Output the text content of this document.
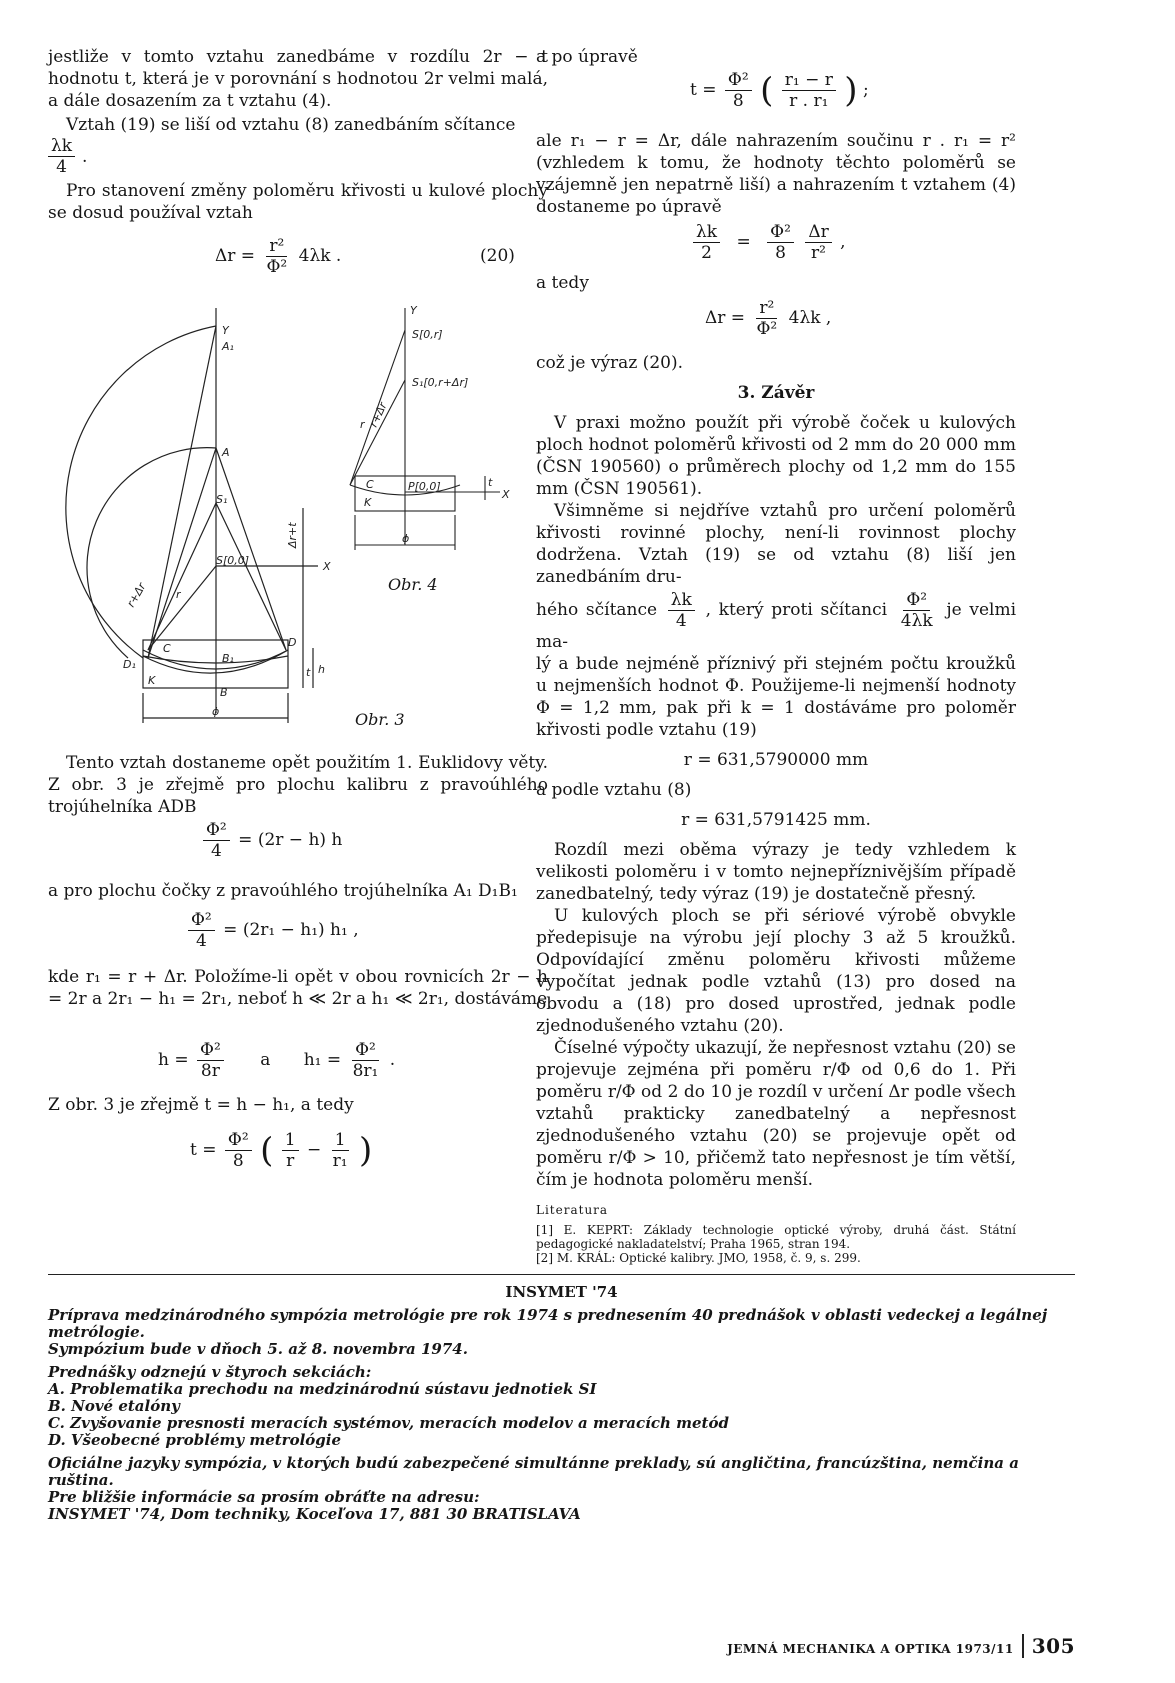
jestliže v tomto vztahu zanedbáme v rozdílu 2r − t hodnotu t, která je v porovnání s hodnotou 2r velmi malá, a dále dosazením za t vztahu (4).

Vztah (19) se liší od vztahu (8) zanedbáním sčítance

$\frac{\lambda k}{4}$ .

Pro stanovení změny poloměru křivosti u kulové plochy se dosud používal vztah

$\Delta r = \frac{\text{r²}}{\text{Φ²}} 4\lambda k$ .	(20)
Y
A₁
A
S₁
S[0,0]	X
r+Δr	r
Δr+t
C	D
D₁	B₁
K
B
t h
ϕ	Obr. 3
Y
S[0,r]
S₁[0,r+Δr]
r r+Δr
C
K
P[0,0]	t
X
ϕ
Obr. 4

Tento vztah dostaneme opět použitím 1. Euklidovy věty. Z obr. 3 je zřejmě pro plochu kalibru z pravoúhlého trojúhelníka ADB

$\frac{\text{Φ²}}{4} = (2r - h)$ h
a pro plochu čočky z pravoúhlého trojúhelníka A₁ D₁B₁
$\frac{\text{Φ²}}{4} = (2r_1 - h_1)$ h₁ ,
kde r₁ = r + Δr. Položíme-li opět v obou rovnicích 2r − h = 2r a 2r₁ − h₁ = 2r₁, neboť h ≪ 2r a h₁ ≪ 2r₁, dostáváme
$h = \frac{\text{Φ²}}{8r}$ a $h_1 = \frac{\text{Φ²}}{\text{8r₁}}$ .
Z obr. 3 je zřejmě t = h − h₁, a tedy
$t = \frac{\text{Φ²}}{8}$ ( $\frac{1}{r} - \frac{1}{\text{r₁}}$ )
a po úpravě
$t = \frac{\text{Φ²}}{8}$ ( $\frac{\text{r₁ − r}}{\text{r . r₁}}$ ) ;
ale r₁ − r = Δr, dále nahrazením součinu r . r₁ = r² (vzhledem k tomu, že hodnoty těchto poloměrů se vzájemně jen nepatrně liší) a nahrazením t vztahem (4) dostaneme po úpravě
$\frac{\lambda k}{2} = \frac{\text{Φ²}}{8}$
$\frac{\Delta r}{\text{r²}}$ ,
a tedy
$\Delta r = \frac{\text{r²}}{\text{Φ²}} 4\lambda k$ ,
což je výraz (20).
3. Závěr

V praxi možno použít při výrobě čoček u kulových ploch hodnot poloměrů křivosti od 2 mm do 20 000 mm (ČSN 190560) o průměrech plochy od 1,2 mm do 155 mm (ČSN 190561).

Všimněme si nejdříve vztahů pro určení poloměrů křivosti rovinné plochy, není-li rovinnost plochy dodržena. Vztah (19) se od vztahu (8) liší jen zanedbáním dru-

hého sčítance $\frac{\lambda k}{4}$ , který proti sčítanci $\frac{\text{Φ²}}{4\lambda k}$ je velmi ma-

lý a bude nejméně příznivý při stejném počtu kroužků u nejmenších hodnot Φ. Použijeme-li nejmenší hodnoty Φ = 1,2 mm, pak při k = 1 dostáváme pro poloměr křivosti podle vztahu (19)

r = 631,5790000 mm

a podle vztahu (8)

r = 631,5791425 mm.

Rozdíl mezi oběma výrazy je tedy vzhledem k velikosti poloměru i v tomto nejnepříznivějším případě zanedbatelný, tedy výraz (19) je dostatečně přesný.

U kulových ploch se při sériové výrobě obvykle předepisuje na výrobu její plochy 3 až 5 kroužků. Odpovídající změnu poloměru křivosti můžeme vypočítat jednak podle vztahů (13) pro dosed na obvodu a (18) pro dosed uprostřed, jednak podle zjednodušeného vztahu (20).

Číselné výpočty ukazují, že nepřesnost vztahu (20) se projevuje zejména při poměru r/Φ od 0,6 do 1. Při poměru r/Φ od 2 do 10 je rozdíl v určení Δr podle všech vztahů prakticky zanedbatelný a nepřesnost zjednodušeného vztahu (20) se projevuje opět od poměru r/Φ > 10, přičemž tato nepřesnost je tím větší, čím je hodnota poloměru menší.

Literatura
[1] E. KEPRT: Základy technologie optické výroby, druhá část. Státní pedagogické nakladatelství; Praha 1965, stran 194.
[2] M. KRÁL: Optické kalibry. JMO, 1958, č. 9, s. 299.
INSYMET '74
Príprava medzinárodného sympózia metrológie pre rok 1974 s prednesením 40 prednášok v oblasti vedeckej a legálnej metrólogie.
Sympózium bude v dňoch 5. až 8. novembra 1974.
Prednášky odznejú v štyroch sekciách:
A. Problematika prechodu na medzinárodnú sústavu jednotiek SI
B. Nové etalóny
C. Zvyšovanie presnosti meracích systémov, meracích modelov a meracích metód
D. Všeobecné problémy metrológie
Oficiálne jazyky sympózia, v ktorých budú zabezpečené simultánne preklady, sú angličtina, francúzština, nemčina a ruština.
Pre bližšie informácie sa prosím obráťte na adresu:
INSYMET '74, Dom techniky, Koceľova 17, 881 30 BRATISLAVA
JEMNÁ MECHANIKA A OPTIKA 1973/11 305
